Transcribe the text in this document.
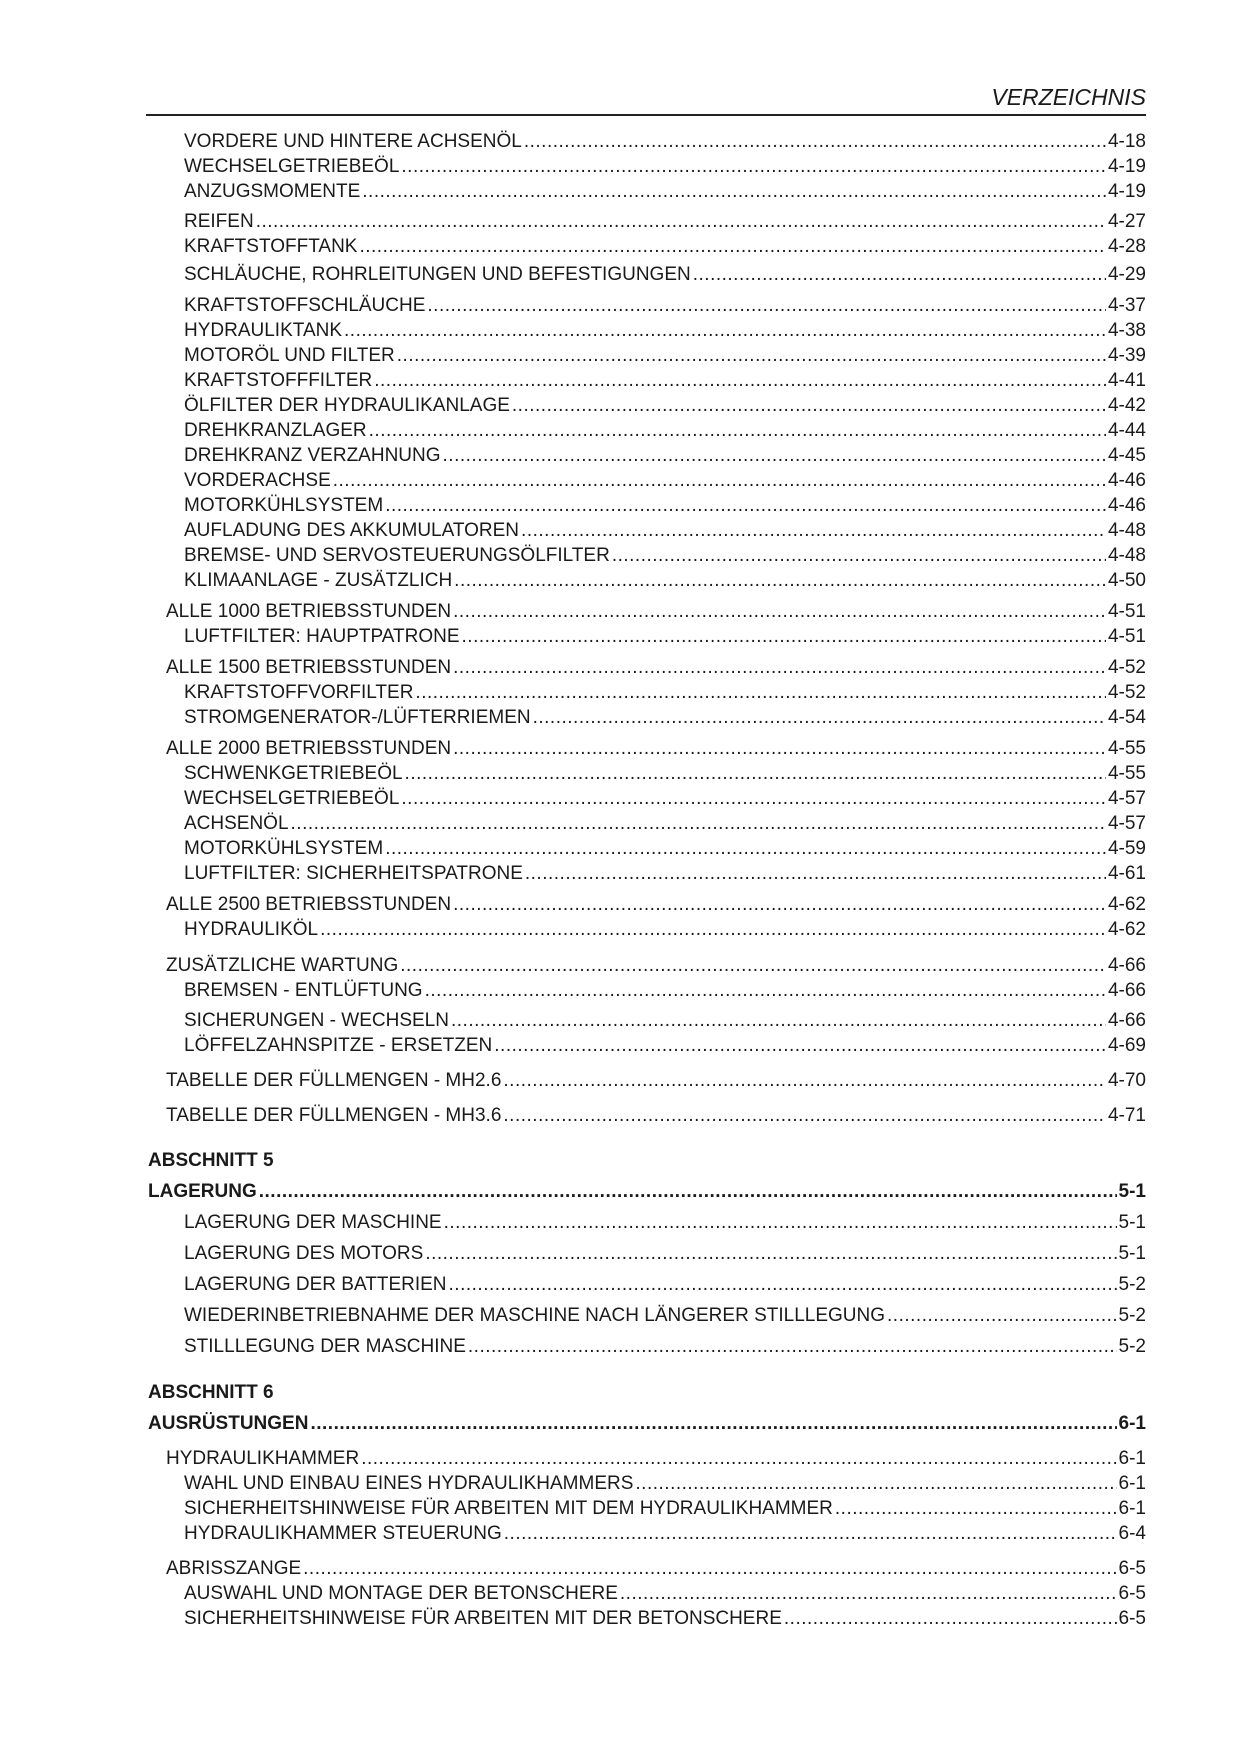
VERZEICHNIS
VORDERE UND HINTERE ACHSENÖL .....	4-18
WECHSELGETRIEBEÖL .....	4-19
ANZUGSMOMENTE .....	4-19
REIFEN .....	4-27
KRAFTSTOFFTANK .....	4-28
SCHLÄUCHE, ROHRLEITUNGEN UND BEFESTIGUNGEN .....	4-29
KRAFTSTOFFSCHLÄUCHE .....	4-37
HYDRAULIKTANK .....	4-38
MOTORÖL UND FILTER .....	4-39
KRAFTSTOFFFILTER .....	4-41
ÖLFILTER DER HYDRAULIKANLAGE .....	4-42
DREHKRANZLAGER .....	4-44
DREHKRANZ VERZAHNUNG .....	4-45
VORDERACHSE .....	4-46
MOTORKÜHLSYSTEM .....	4-46
AUFLADUNG DES AKKUMULATOREN .....	4-48
BREMSE- UND SERVOSTEUERUNGSÖLFILTER .....	4-48
KLIMAANLAGE - ZUSÄTZLICH .....	4-50
ALLE 1000 BETRIEBSSTUNDEN .....	4-51
LUFTFILTER: HAUPTPATRONE .....	4-51
ALLE 1500 BETRIEBSSTUNDEN .....	4-52
KRAFTSTOFFVORFILTER .....	4-52
STROMGENERATOR-/LÜFTERRIEMEN .....	4-54
ALLE 2000 BETRIEBSSTUNDEN .....	4-55
SCHWENKGETRIEBEÖL .....	4-55
WECHSELGETRIEBEÖL .....	4-57
ACHSENÖL .....	4-57
MOTORKÜHLSYSTEM .....	4-59
LUFTFILTER: SICHERHEITSPATRONE .....	4-61
ALLE 2500 BETRIEBSSTUNDEN .....	4-62
HYDRAULIKÖL .....	4-62
ZUSÄTZLICHE WARTUNG .....	4-66
BREMSEN - ENTLÜFTUNG .....	4-66
SICHERUNGEN - WECHSELN .....	4-66
LÖFFELZAHNSPITZE - ERSETZEN .....	4-69
TABELLE DER FÜLLMENGEN - MH2.6 .....	4-70
TABELLE DER FÜLLMENGEN - MH3.6 .....	4-71
ABSCHNITT 5
LAGERUNG .....	5-1
LAGERUNG DER MASCHINE .....	5-1
LAGERUNG DES MOTORS .....	5-1
LAGERUNG DER BATTERIEN .....	5-2
WIEDERINBETRIEBNAHME DER MASCHINE NACH LÄNGERER STILLLEGUNG .....	5-2
STILLLEGUNG DER MASCHINE .....	5-2
ABSCHNITT 6
AUSRÜSTUNGEN .....	6-1
HYDRAULIKHAMMER .....	6-1
WAHL UND EINBAU EINES HYDRAULIKHAMMERS .....	6-1
SICHERHEITSHINWEISE FÜR ARBEITEN MIT DEM HYDRAULIKHAMMER .....	6-1
HYDRAULIKHAMMER STEUERUNG .....	6-4
ABRISSZANGE .....	6-5
AUSWAHL UND MONTAGE DER BETONSCHERE .....	6-5
SICHERHEITSHINWEISE FÜR ARBEITEN MIT DER BETONSCHERE .....	6-5
